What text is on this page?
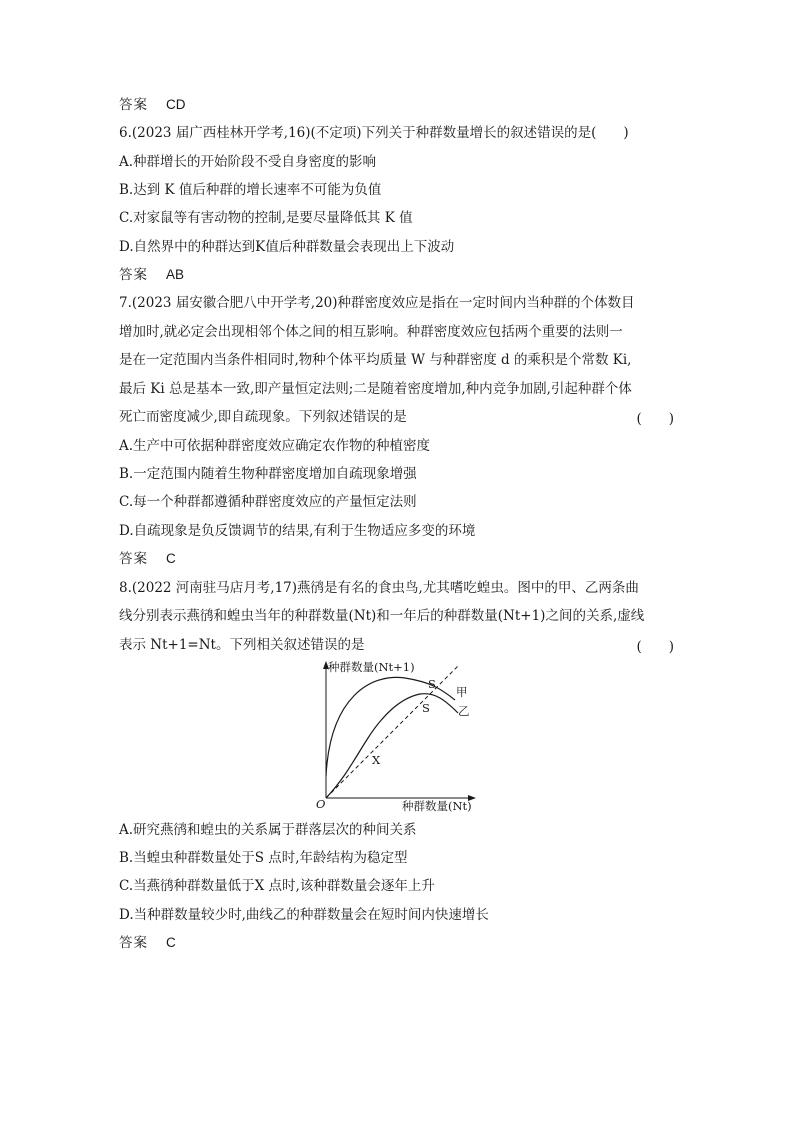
答案 CD
6.(2023 届广西桂林开学考,16)(不定项)下列关于种群数量增长的叙述错误的是(　　)
A.种群增长的开始阶段不受自身密度的影响
B.达到 K 值后种群的增长速率不可能为负值
C.对家鼠等有害动物的控制,是要尽量降低其 K 值
D.自然界中的种群达到K值后种群数量会表现出上下波动
答案 AB
7.(2023 届安徽合肥八中开学考,20)种群密度效应是指在一定时间内当种群的个体数目
增加时,就必定会出现相邻个体之间的相互影响。种群密度效应包括两个重要的法则一
是在一定范围内当条件相同时,物种个体平均质量 W 与种群密度 d 的乘积是个常数 Ki,
最后 Ki 总是基本一致,即产量恒定法则;二是随着密度增加,种内竞争加剧,引起种群个体
死亡而密度减少,即自疏现象。下列叙述错误的是	(　　)
A.生产中可依据种群密度效应确定农作物的种植密度
B.一定范围内随着生物种群密度增加自疏现象增强
C.每一个种群都遵循种群密度效应的产量恒定法则
D.自疏现象是负反馈调节的结果,有利于生物适应多变的环境
答案 C
8.(2022 河南驻马店月考,17)燕鸻是有名的食虫鸟,尤其嗜吃蝗虫。图中的甲、乙两条曲
线分别表示燕鸻和蝗虫当年的种群数量(Nt)和一年后的种群数量(Nt+1)之间的关系,虚线
表示 Nt+1=Nt。下列相关叙述错误的是	(　　)
种群数量(Nt+1)
种群数量(Nt)
O
甲
乙
S
S
X
A.研究燕鸻和蝗虫的关系属于群落层次的种间关系
B.当蝗虫种群数量处于S 点时,年龄结构为稳定型
C.当燕鸻种群数量低于X 点时,该种群数量会逐年上升
D.当种群数量较少时,曲线乙的种群数量会在短时间内快速增长
答案 C
